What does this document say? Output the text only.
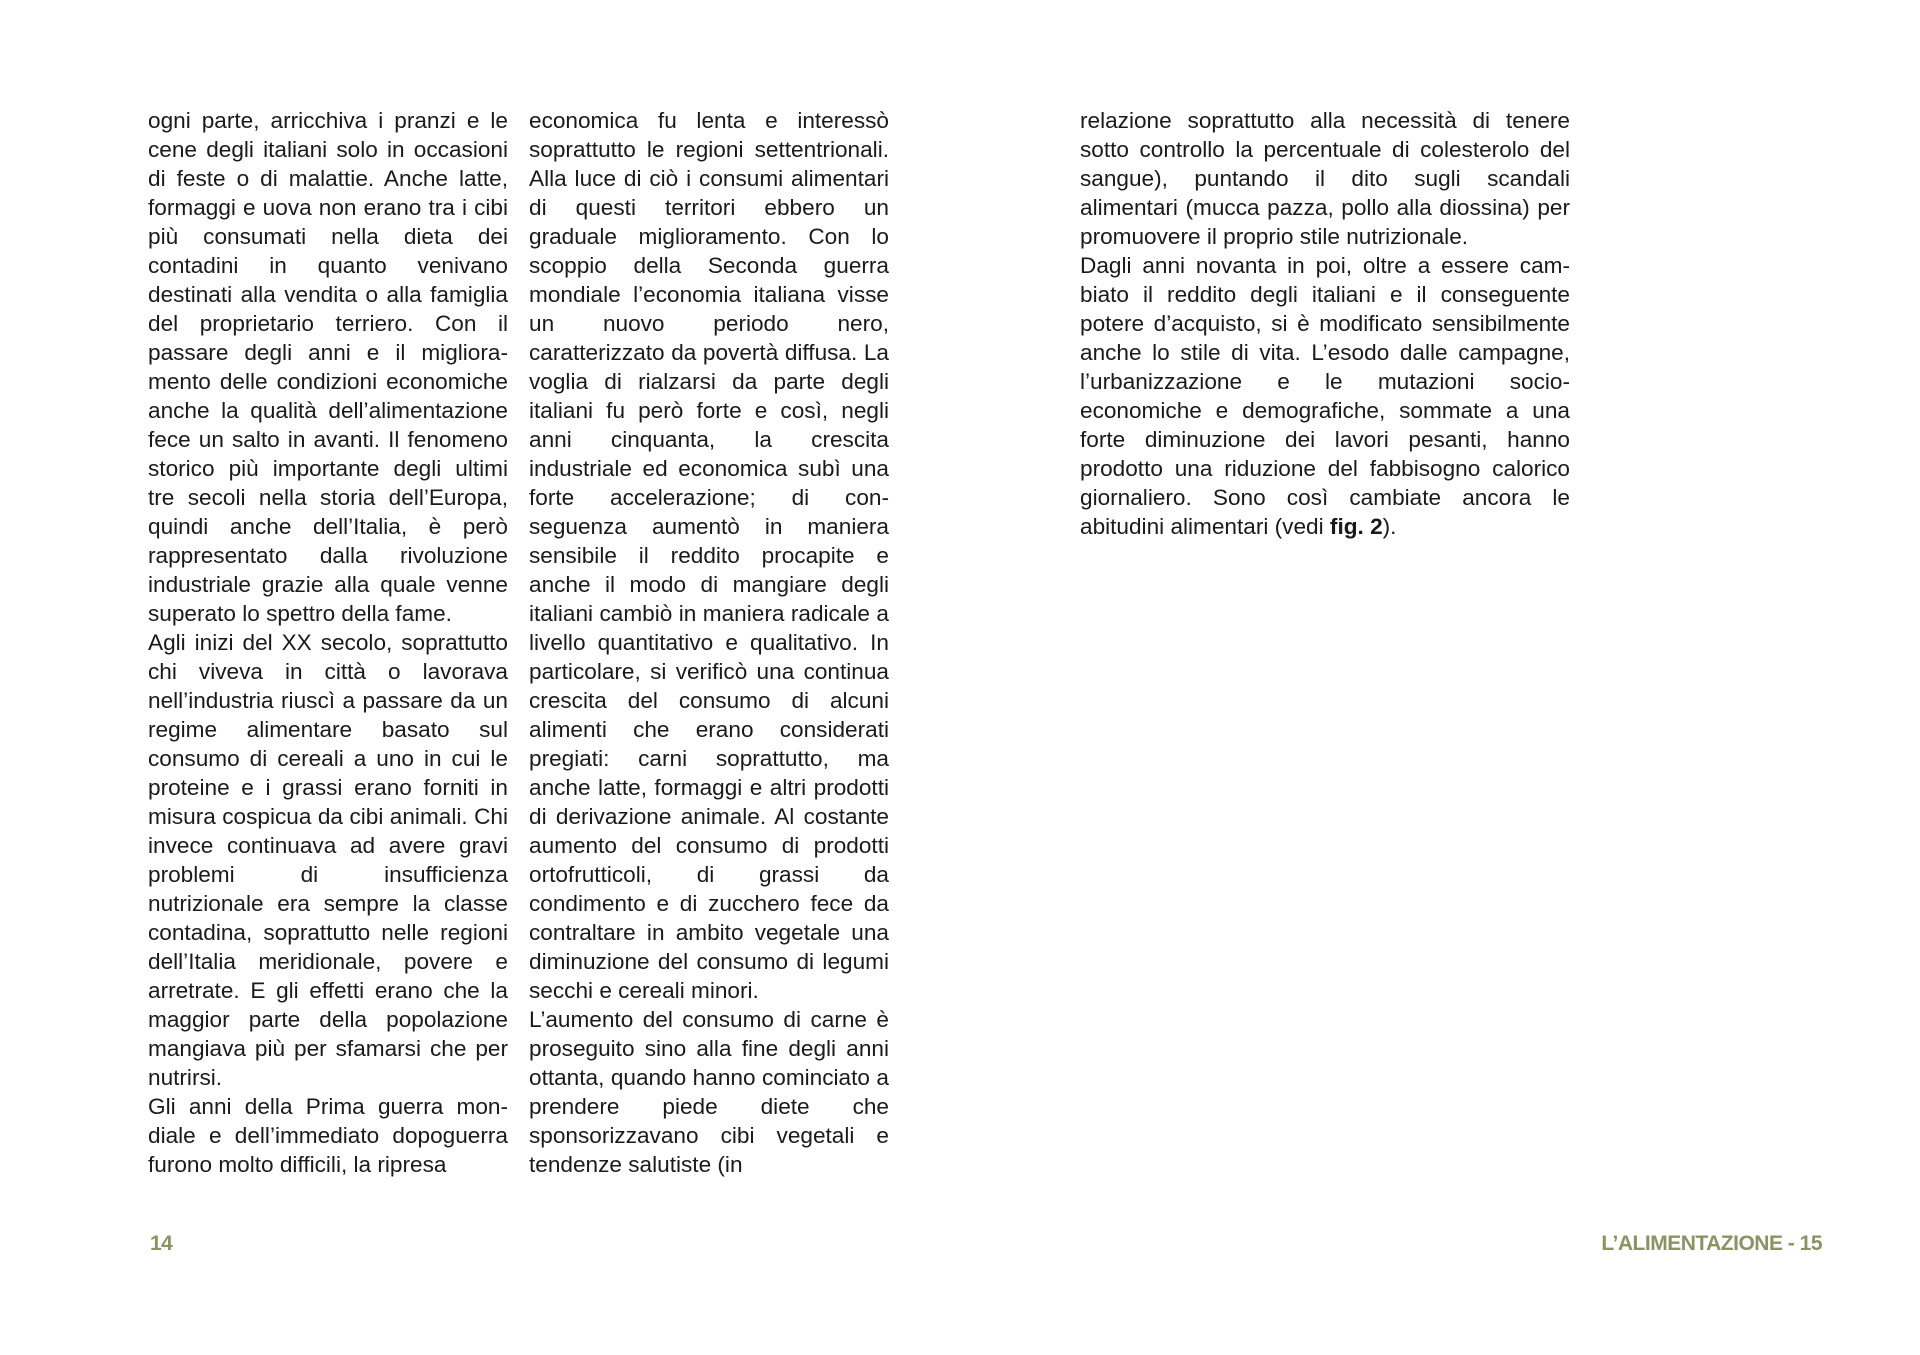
ogni parte, arricchiva i pranzi e le cene degli italiani solo in occasioni di feste o di malattie. Anche latte, formaggi e uova non erano tra i cibi più consumati nella dieta dei contadini in quanto venivano destinati alla vendita o alla famiglia del proprietario terriero. Con il passare degli anni e il miglioramento delle condizioni economiche anche la qualità dell’alimentazione fece un salto in avanti. Il fenomeno storico più importante degli ultimi tre secoli nella storia dell’Europa, quindi anche dell’Italia, è però rappresentato dalla rivoluzione industriale grazie alla quale venne superato lo spettro della fame.

Agli inizi del XX secolo, soprattutto chi viveva in città o lavorava nell’industria riuscì a passare da un regime alimentare basato sul consumo di cereali a uno in cui le proteine e i grassi erano forniti in misura cospicua da cibi animali. Chi invece continuava ad avere gravi problemi di insufficienza nutrizionale era sempre la classe contadina, soprattutto nelle regioni dell’Italia meridionale, povere e arretrate. E gli effetti erano che la maggior parte della popolazione mangiava più per sfamarsi che per nutrirsi.

Gli anni della Prima guerra mondiale e dell’immediato dopoguerra furono molto difficili, la ripresa

economica fu lenta e interessò soprattutto le regioni settentrionali. Alla luce di ciò i consumi alimentari di questi territori ebbero un graduale miglioramento. Con lo scoppio della Seconda guerra mondiale l’economia italiana visse un nuovo periodo nero, caratterizzato da povertà diffusa. La voglia di rialzarsi da parte degli italiani fu però forte e così, negli anni cinquanta, la crescita industriale ed economica subì una forte accelerazione; di conseguenza aumentò in maniera sensibile il reddito procapite e anche il modo di mangiare degli italiani cambiò in maniera radicale a livello quantitativo e qualitativo. In particolare, si verificò una continua crescita del consumo di alcuni alimenti che erano considerati pregiati: carni soprattutto, ma anche latte, formaggi e altri prodotti di derivazione animale. Al costante aumento del consumo di prodotti ortofrutticoli, di grassi da condimento e di zucchero fece da contraltare in ambito vegetale una diminuzione del consumo di legumi secchi e cereali minori.

L’aumento del consumo di carne è proseguito sino alla fine degli anni ottanta, quando hanno cominciato a prendere piede diete che sponsorizzavano cibi vegetali e tendenze salutiste (in

relazione soprattutto alla necessità di tenere sotto controllo la percentuale di colesterolo del sangue), puntando il dito sugli scandali alimentari (mucca pazza, pollo alla diossina) per promuovere il proprio stile nutrizionale.

Dagli anni novanta in poi, oltre a essere cambiato il reddito degli italiani e il conseguente potere d’acquisto, si è modificato sensibilmente anche lo stile di vita. L’esodo dalle campagne, l’urbanizzazione e le mutazioni socio-economiche e demografiche, sommate a una forte diminuzione dei lavori pesanti, hanno prodotto una riduzione del fabbisogno calorico giornaliero. Sono così cambiate ancora le abitudini alimentari (vedi fig. 2).

14	L’ALIMENTAZIONE - 15
